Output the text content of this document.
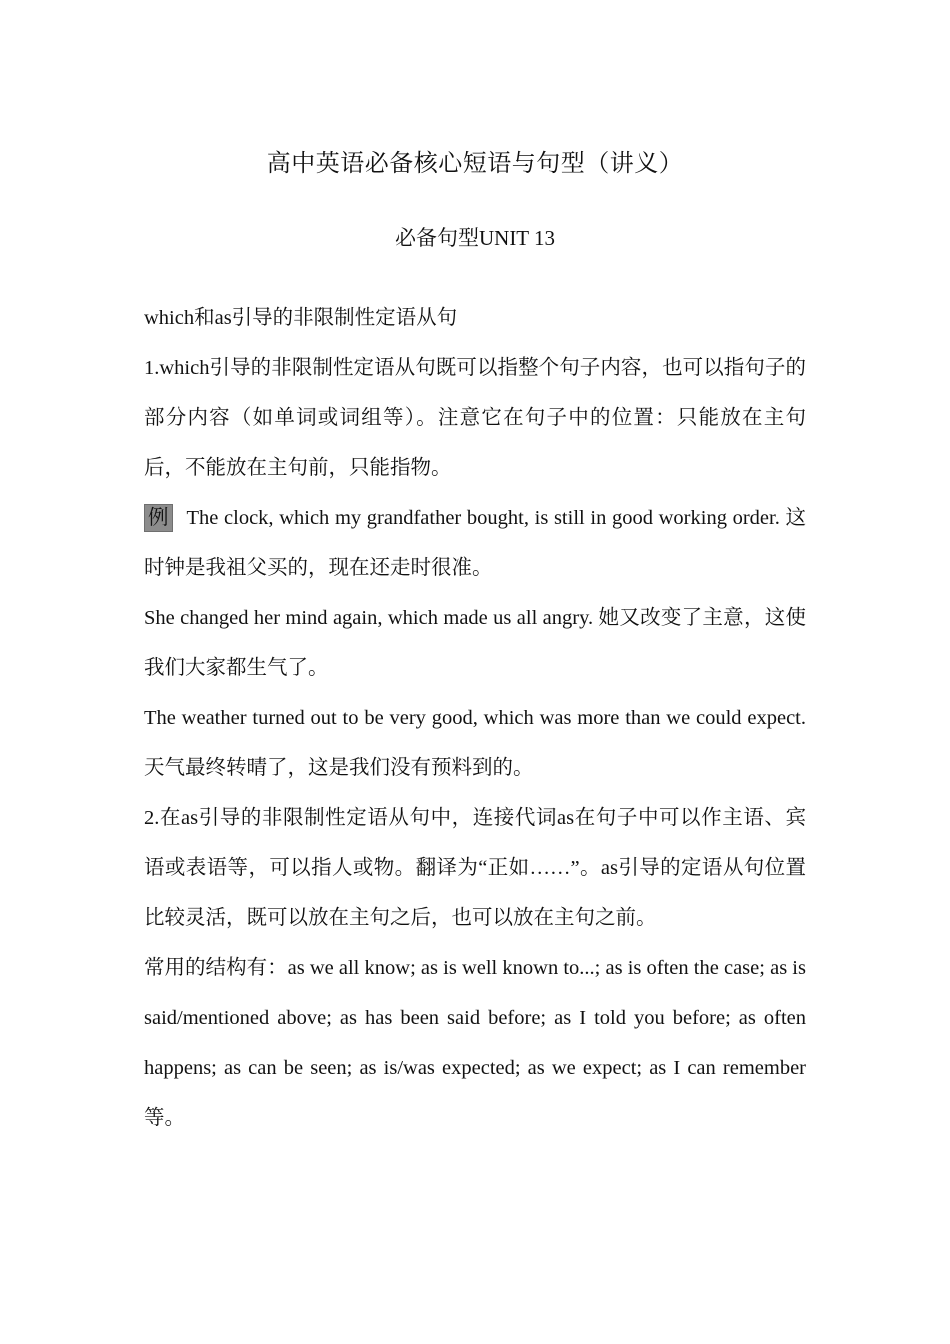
高中英语必备核心短语与句型（讲义）
必备句型UNIT 13

which和as引导的非限制性定语从句

1.which引导的非限制性定语从句既可以指整个句子内容，也可以指句子的部分内容（如单词或词组等）。注意它在句子中的位置：只能放在主句后，不能放在主句前，只能指物。

例 The clock, which my grandfather bought, is still in good working order. 这时钟是我祖父买的，现在还走时很准。

She changed her mind again, which made us all angry. 她又改变了主意，这使我们大家都生气了。

The weather turned out to be very good, which was more than we could expect. 天气最终转晴了，这是我们没有预料到的。

2.在as引导的非限制性定语从句中，连接代词as在句子中可以作主语、宾语或表语等，可以指人或物。翻译为“正如……”。as引导的定语从句位置比较灵活，既可以放在主句之后，也可以放在主句之前。

常用的结构有：as we all know; as is well known to...; as is often the case; as is said/mentioned above; as has been said before; as I told you before; as often happens; as can be seen; as is/was expected; as we expect; as I can remember等。
